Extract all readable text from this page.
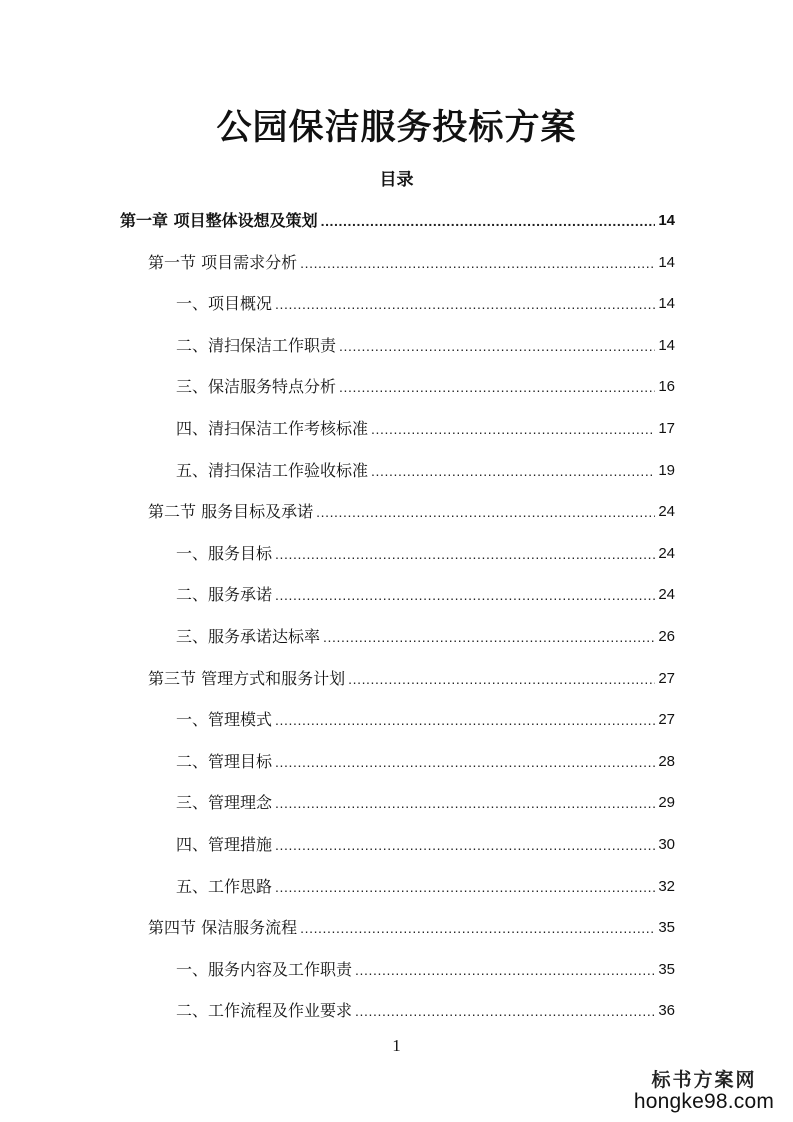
公园保洁服务投标方案
目录
第一章 项目整体设想及策划 .....	14
第一节 项目需求分析 .....	14
一、项目概况 .....	14
二、清扫保洁工作职责 .....	14
三、保洁服务特点分析 .....	16
四、清扫保洁工作考核标准 .....	17
五、清扫保洁工作验收标准 .....	19
第二节 服务目标及承诺 .....	24
一、服务目标 .....	24
二、服务承诺 .....	24
三、服务承诺达标率 .....	26
第三节 管理方式和服务计划 .....	27
一、管理模式 .....	27
二、管理目标 .....	28
三、管理理念 .....	29
四、管理措施 .....	30
五、工作思路 .....	32
第四节 保洁服务流程 .....	35
一、服务内容及工作职责 .....	35
二、工作流程及作业要求 .....	36
1
标书方案网
hongke98.com
